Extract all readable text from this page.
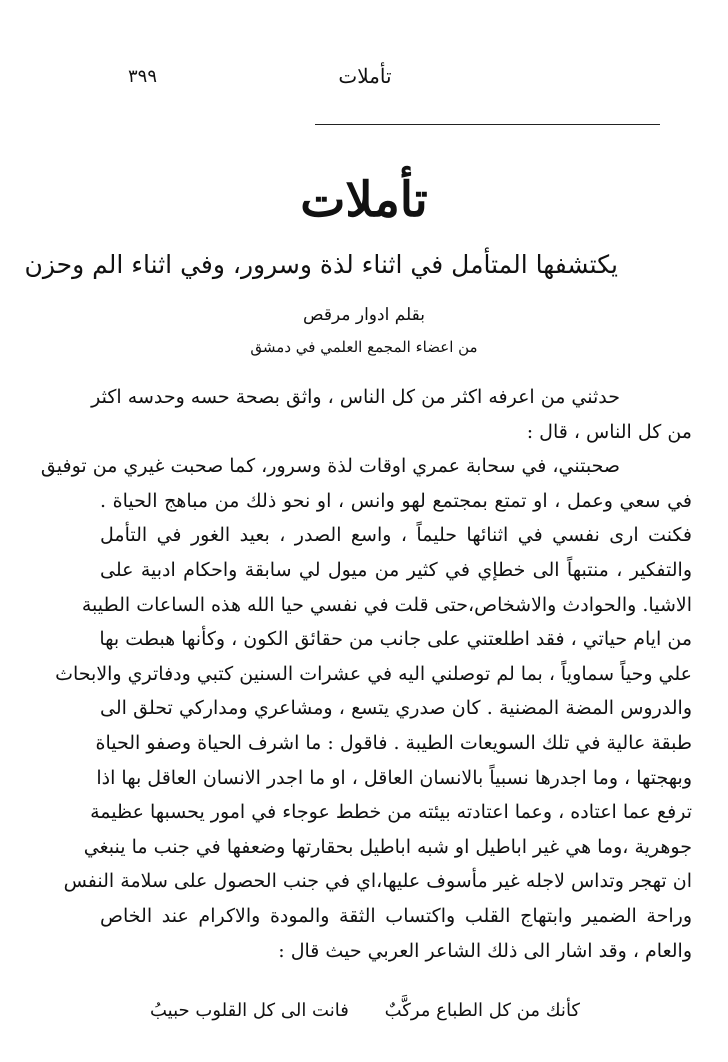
٣٩٩	تأملات
تأملات
يكتشفها المتأمل في اثناء لذة وسرور، وفي اثناء الم وحزن
بقلم ادوار مرقص
من اعضاء المجمع العلمي في دمشق
حدثني من اعرفه اكثر من كل الناس ، واثق بصحة حسه وحدسه اكثر
من كل الناس ، قال :
صحبتني، في سحابة عمري اوقات لذة وسرور، كما صحبت غيري من توفيق
في سعي وعمل ، او تمتع بمجتمع لهو وانس ، او نحو ذلك من مباهج الحياة .
فكنت ارى نفسي في اثنائها حليماً ، واسع الصدر ، بعيد الغور في التأمل
والتفكير ، منتبهاً الى خطإي في كثير من ميول لي سابقة واحكام ادبية على
الاشيا. والحوادث والاشخاص،حتى قلت في نفسي حيا الله هذه الساعات الطيبة
من ايام حياتي ، فقد اطلعتني على جانب من حقائق الكون ، وكأنها هبطت بها
علي وحياً سماوياً ، بما لم توصلني اليه في عشرات السنين كتبي ودفاتري والابحاث
والدروس المضة المضنية . كان صدري يتسع ، ومشاعري ومداركي تحلق الى
طبقة عالية في تلك السويعات الطيبة . فاقول : ما اشرف الحياة وصفو الحياة
وبهجتها ، وما اجدرها نسبياً بالانسان العاقل ، او ما اجدر الانسان العاقل بها اذا
ترفع عما اعتاده ، وعما اعتادته بيئته من خطط عوجاء في امور يحسبها عظيمة
جوهرية ،وما هي غير اباطيل او شبه اباطيل بحقارتها وضعفها في جنب ما ينبغي
ان تهجر وتداس لاجله غير مأسوف عليها،اي في جنب الحصول على سلامة النفس
وراحة الضمير وابتهاج القلب واكتساب الثقة والمودة والاكرام عند الخاص
والعام ، وقد اشار الى ذلك الشاعر العربي حيث قال :
كأنك من كل الطباع مركَّبٌ
فانت الى كل القلوب حبيبُ
